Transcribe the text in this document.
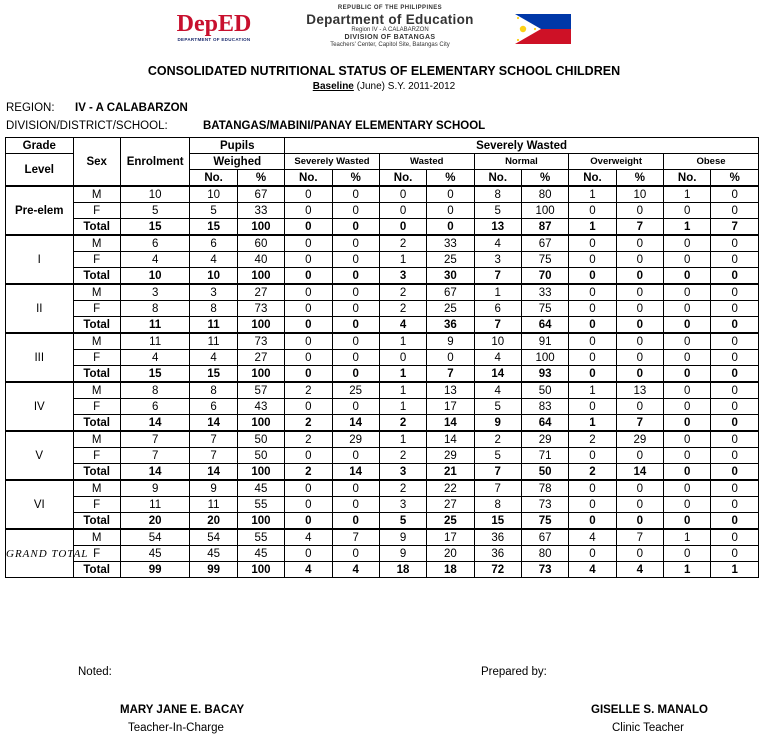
DepED
DEPARTMENT OF EDUCATION
REPUBLIC OF THE PHILIPPINES
Department of Education
Region IV - A CALABARZON
DIVISION OF BATANGAS
Teachers' Center, Capitol Site, Batangas City
CONSOLIDATED NUTRITIONAL STATUS OF ELEMENTARY SCHOOL CHILDREN
Baseline (June) S.Y. 2011-2012
REGION: IV - A CALABARZON
DIVISION/DISTRICT/SCHOOL:	BATANGAS/MABINI/PANAY ELEMENTARY SCHOOL
Grade	Sex	Enrolment	Pupils		Severely Wasted									
Level			Weighed		Severely Wasted		Wasted		Normal		Overweight		Obese	
			No.	%	No.	%	No.	%	No.	%	No.	%	No.	%
Pre-elem	M	10	10	67	0	0	0	0	8	80	1	10	1	0
	F	5	5	33	0	0	0	0	5	100	0	0	0	0
	Total	15	15	100	0	0	0	0	13	87	1	7	1	7
I	M	6	6	60	0	0	2	33	4	67	0	0	0	0
	F	4	4	40	0	0	1	25	3	75	0	0	0	0
	Total	10	10	100	0	0	3	30	7	70	0	0	0	0
II	M	3	3	27	0	0	2	67	1	33	0	0	0	0
	F	8	8	73	0	0	2	25	6	75	0	0	0	0
	Total	11	11	100	0	0	4	36	7	64	0	0	0	0
III	M	11	11	73	0	0	1	9	10	91	0	0	0	0
	F	4	4	27	0	0	0	0	4	100	0	0	0	0
	Total	15	15	100	0	0	1	7	14	93	0	0	0	0
IV	M	8	8	57	2	25	1	13	4	50	1	13	0	0
	F	6	6	43	0	0	1	17	5	83	0	0	0	0
	Total	14	14	100	2	14	2	14	9	64	1	7	0	0
V	M	7	7	50	2	29	1	14	2	29	2	29	0	0
	F	7	7	50	0	0	2	29	5	71	0	0	0	0
	Total	14	14	100	2	14	3	21	7	50	2	14	0	0
VI	M	9	9	45	0	0	2	22	7	78	0	0	0	0
	F	11	11	55	0	0	3	27	8	73	0	0	0	0
	Total	20	20	100	0	0	5	25	15	75	0	0	0	0
GRAND TOTAL	M	54	54	55	4	7	9	17	36	67	4	7	1	0
	F	45	45	45	0	0	9	20	36	80	0	0	0	0
	Total	99	99	100	4	4	18	18	72	73	4	4	1	1
Noted:	Prepared by:
MARY JANE E. BACAY
Teacher-In-Charge
GISELLE S. MANALO
Clinic Teacher
